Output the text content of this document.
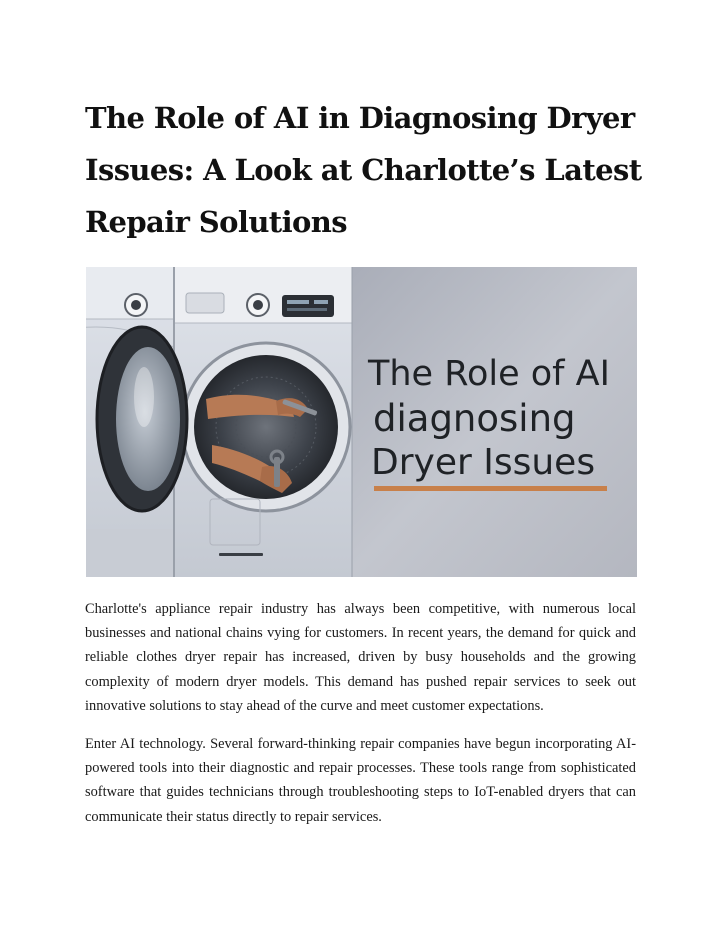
The Role of AI in Diagnosing Dryer Issues: A Look at Charlotte’s Latest Repair Solutions
The Role of AI
diagnosing
Dryer Issues

Charlotte's appliance repair industry has always been competitive, with numerous local businesses and national chains vying for customers. In recent years, the demand for quick and reliable clothes dryer repair has increased, driven by busy households and the growing complexity of modern dryer models. This demand has pushed repair services to seek out innovative solutions to stay ahead of the curve and meet customer expectations.

Enter AI technology. Several forward-thinking repair companies have begun incorporating AI-powered tools into their diagnostic and repair processes. These tools range from sophisticated software that guides technicians through troubleshooting steps to IoT-enabled dryers that can communicate their status directly to repair services.
